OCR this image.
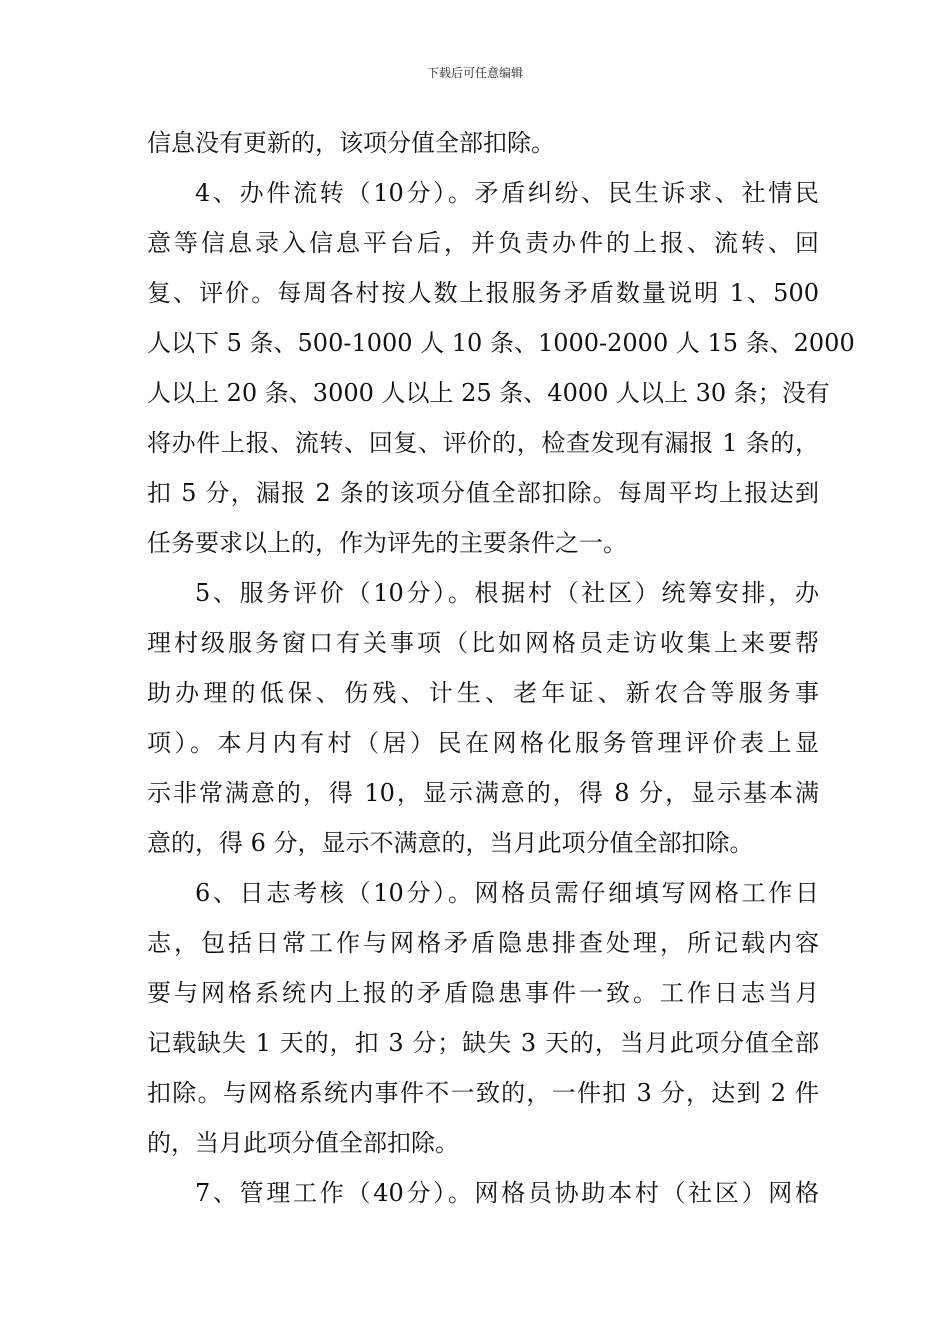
下载后可任意编辑
信息没有更新的，该项分值全部扣除。
4、办件流转（10分）。矛盾纠纷、民生诉求、社情民
意等信息录入信息平台后，并负责办件的上报、流转、回
复、评价。每周各村按人数上报服务矛盾数量说明 1、500
人以下 5 条、500-1000 人 10 条、1000-2000 人 15 条、2000
人以上 20 条、3000 人以上 25 条、4000 人以上 30 条；没有
将办件上报、流转、回复、评价的，检查发现有漏报 1 条的，
扣 5 分，漏报 2 条的该项分值全部扣除。每周平均上报达到
任务要求以上的，作为评先的主要条件之一。
5、服务评价（10分）。根据村（社区）统筹安排，办
理村级服务窗口有关事项（比如网格员走访收集上来要帮
助办理的低保、伤残、计生、老年证、新农合等服务事
项）。本月内有村（居）民在网格化服务管理评价表上显
示非常满意的，得 10，显示满意的，得 8 分，显示基本满
意的，得 6 分，显示不满意的，当月此项分值全部扣除。
6、日志考核（10分）。网格员需仔细填写网格工作日
志，包括日常工作与网格矛盾隐患排查处理，所记载内容
要与网格系统内上报的矛盾隐患事件一致。工作日志当月
记载缺失 1 天的，扣 3 分；缺失 3 天的，当月此项分值全部
扣除。与网格系统内事件不一致的，一件扣 3 分，达到 2 件
的，当月此项分值全部扣除。
7、管理工作（40分）。网格员协助本村（社区）网格
